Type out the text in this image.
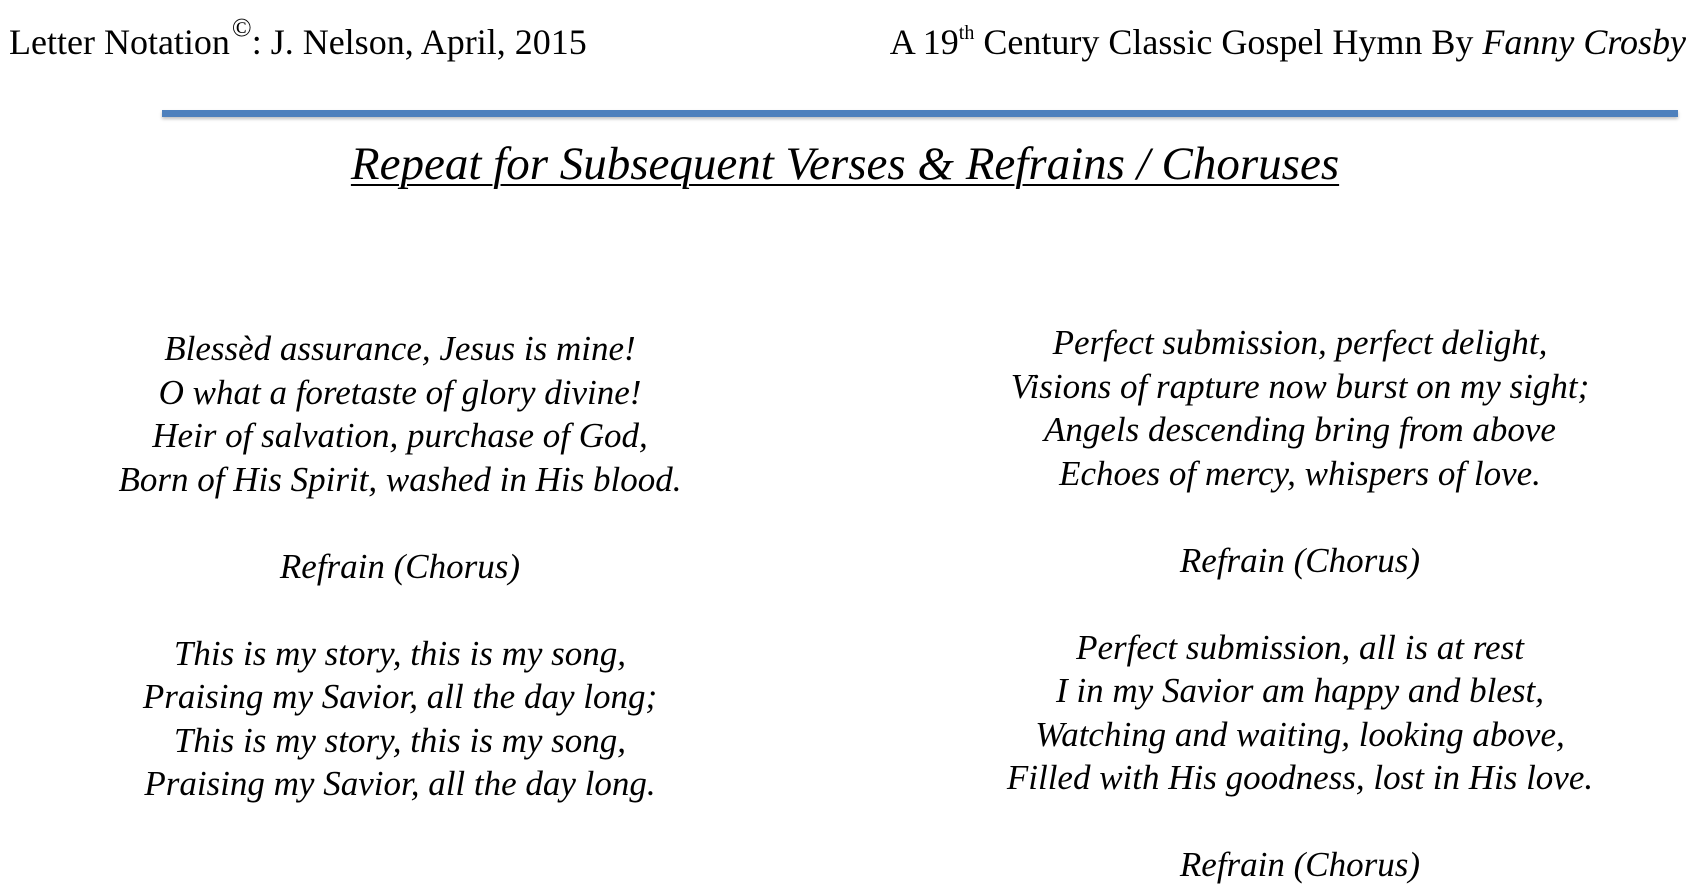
Letter Notation©: J. Nelson, April, 2015	A 19th Century Classic Gospel Hymn By Fanny Crosby
Repeat for Subsequent Verses & Refrains / Choruses
Blessèd assurance, Jesus is mine!
O what a foretaste of glory divine!
Heir of salvation, purchase of God,
Born of His Spirit, washed in His blood.
Refrain (Chorus)
This is my story, this is my song,
Praising my Savior, all the day long;
This is my story, this is my song,
Praising my Savior, all the day long.
Perfect submission, perfect delight,
Visions of rapture now burst on my sight;
Angels descending bring from above
Echoes of mercy, whispers of love.
Refrain (Chorus)
Perfect submission, all is at rest
I in my Savior am happy and blest,
Watching and waiting, looking above,
Filled with His goodness, lost in His love.
Refrain (Chorus)
